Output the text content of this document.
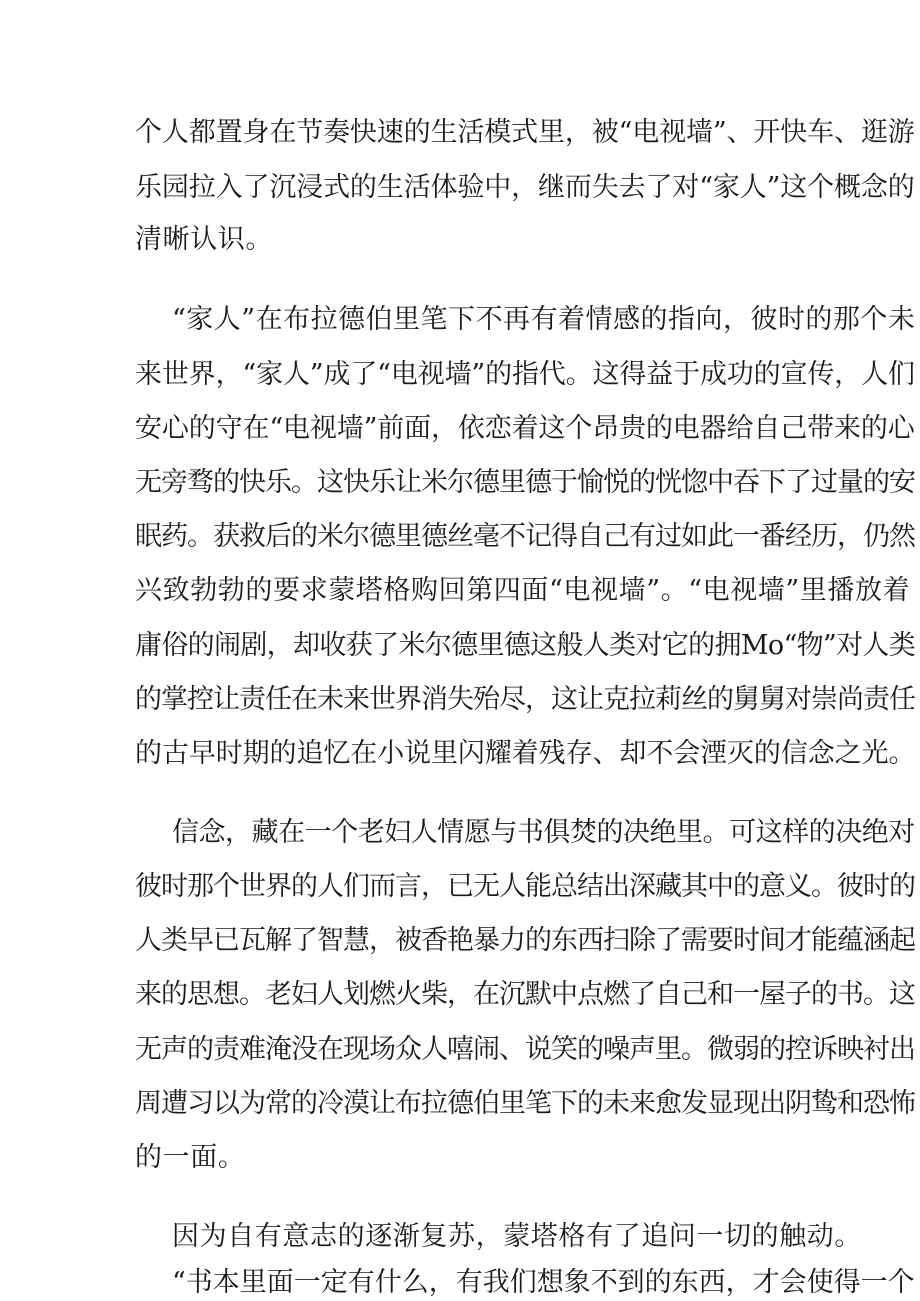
个人都置身在节奏快速的生活模式里，被“电视墙”、开快车、逛游

乐园拉入了沉浸式的生活体验中，继而失去了对“家人”这个概念的

清晰认识。

“家人”在布拉德伯里笔下不再有着情感的指向，彼时的那个未

来世界，“家人”成了“电视墙”的指代。这得益于成功的宣传，人们

安心的守在“电视墙”前面，依恋着这个昂贵的电器给自己带来的心

无旁骛的快乐。这快乐让米尔德里德于愉悦的恍惚中吞下了过量的安

眠药。获救后的米尔德里德丝毫不记得自己有过如此一番经历，仍然

兴致勃勃的要求蒙塔格购回第四面“电视墙”。“电视墙”里播放着

庸俗的闹剧，却收获了米尔德里德这般人类对它的拥Mo“物”对人类

的掌控让责任在未来世界消失殆尽，这让克拉莉丝的舅舅对崇尚责任

的古早时期的追忆在小说里闪耀着残存、却不会湮灭的信念之光。

信念，藏在一个老妇人情愿与书俱焚的决绝里。可这样的决绝对

彼时那个世界的人们而言，已无人能总结出深藏其中的意义。彼时的

人类早已瓦解了智慧，被香艳暴力的东西扫除了需要时间才能蕴涵起

来的思想。老妇人划燃火柴，在沉默中点燃了自己和一屋子的书。这

无声的责难淹没在现场众人嘻闹、说笑的噪声里。微弱的控诉映衬出

周遭习以为常的冷漠让布拉德伯里笔下的未来愈发显现出阴鸷和恐怖

的一面。

因为自有意志的逐渐复苏，蒙塔格有了追问一切的触动。

“书本里面一定有什么，有我们想象不到的东西，才会使得一个
